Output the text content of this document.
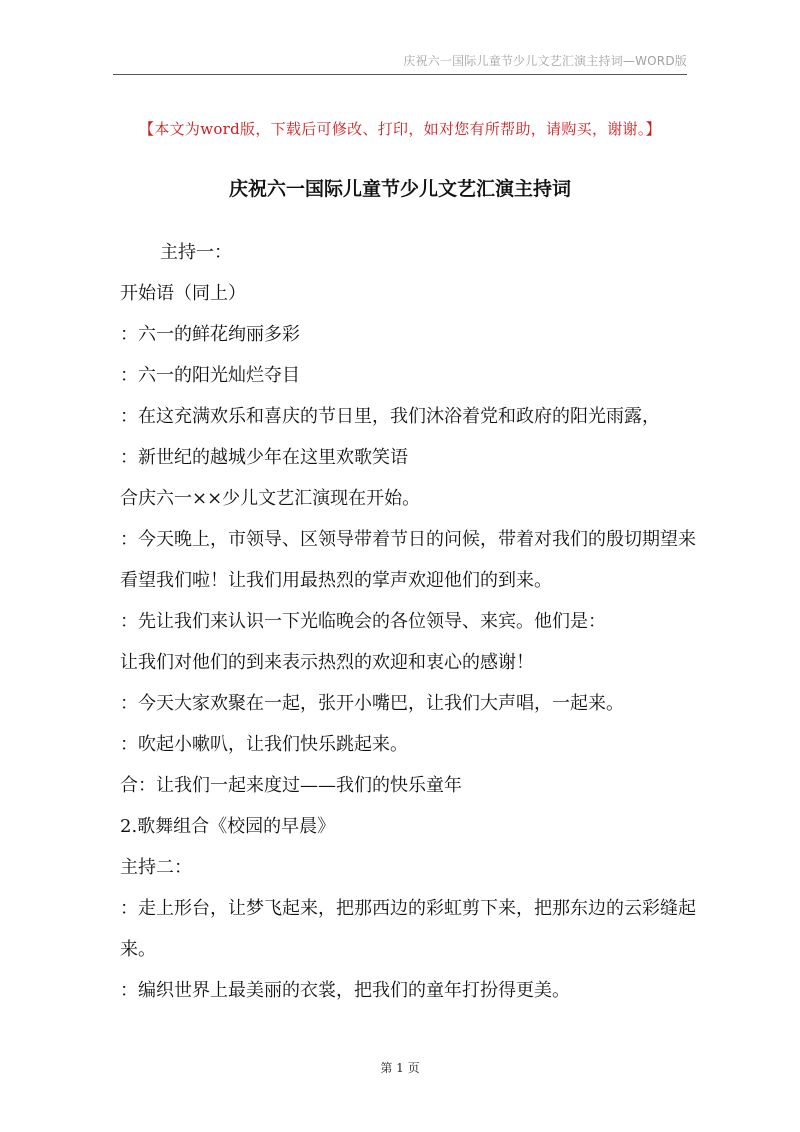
庆祝六一国际儿童节少儿文艺汇演主持词—WORD版
【本文为word版，下载后可修改、打印，如对您有所帮助，请购买，谢谢。】
庆祝六一国际儿童节少儿文艺汇演主持词

主持一：

开始语（同上）

：六一的鲜花绚丽多彩

：六一的阳光灿烂夺目

：在这充满欢乐和喜庆的节日里，我们沐浴着党和政府的阳光雨露，

：新世纪的越城少年在这里欢歌笑语

合庆六一××少儿文艺汇演现在开始。

：今天晚上，市领导、区领导带着节日的问候，带着对我们的殷切期望来看望我们啦！让我们用最热烈的掌声欢迎他们的到来。

：先让我们来认识一下光临晚会的各位领导、来宾。他们是：

让我们对他们的到来表示热烈的欢迎和衷心的感谢！

：今天大家欢聚在一起，张开小嘴巴，让我们大声唱，一起来。

：吹起小嗽叭，让我们快乐跳起来。

合：让我们一起来度过——我们的快乐童年

2.歌舞组合《校园的早晨》

主持二：

：走上形台，让梦飞起来，把那西边的彩虹剪下来，把那东边的云彩缝起来。

：编织世界上最美丽的衣裳，把我们的童年打扮得更美。

第 1 页
